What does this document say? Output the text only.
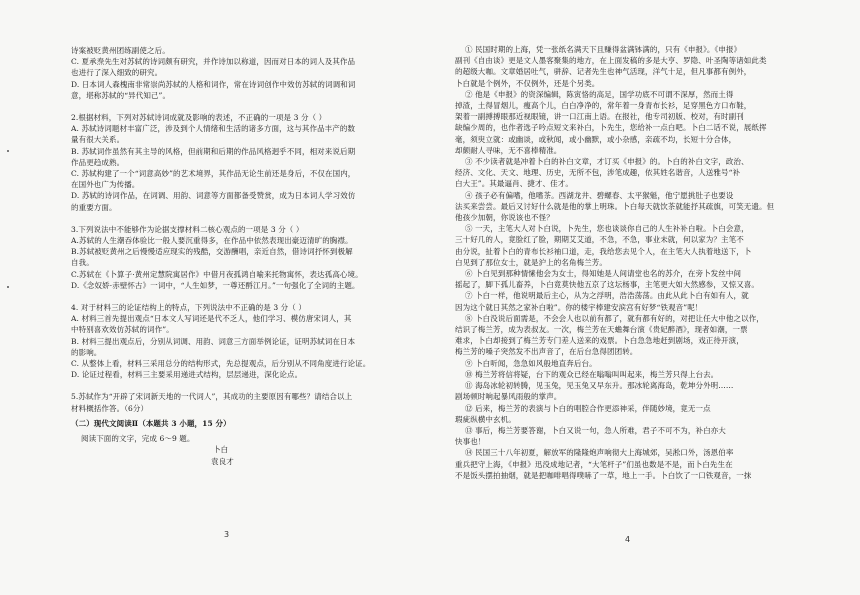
诗案被贬黄州团练副使之后。
C. 夏承焘先生对苏轼的诗词颇有研究，并作诗加以称道，因而对日本的词人及其作品
也进行了深入细致的研究。
D. 日本词人森槐南非常崇尚苏轼的人格和词作，常在诗词创作中效仿苏轼的词调和词
意，堪称苏轼的“异代知己”。
2.根据材料，下列对苏轼诗词成就及影响的表述，不正确的一项是 3 分（ ）
A. 苏轼诗词题材丰富广泛，涉及到个人情绪和生活的诸多方面，这与其作品丰产的数
量有很大关系。
B. 苏轼词作虽然有其主导的风格，但前期和后期的作品风格迥乎不同，相对来说后期
作品更趋成熟。
C. 苏轼构建了一个“词意高妙”的艺术境界，其作品无论生前还是身后，不仅在国内，
在国外也广为传播。
D. 苏轼的诗词作品，在词调、用韵、词意等方面都备受赞赏，成为日本词人学习效仿
的重要方面。
3.下列说法中不能够作为论据支撑材料二核心观点的一项是 3 分（ ）
A.苏轼的人生潮吞体验比一般人要沉重得多，在作品中依然表现出豪迈清旷的胸襟。
B.苏轼被贬黄州之后慢慢适应现实的残酷，交游酬唱，亲近自然，借诗词抒怀到极解
自我。
C.苏轼在《卜算子·黄州定慧院寓居作》中借月夜孤鸿自喻来托物寓怀，表达孤高心境。
D.《念奴娇·赤壁怀古》一词中，“人生如梦，一尊还酹江月。”一句强化了全词的主题。
4. 对于材料三的论证结构上的特点，下列说法中不正确的是 3 分（ ）
A. 材料三首先提出观点“日本文人写词还是代不乏人，他们学习、模仿唐宋词人，其
中特别喜欢效仿苏轼的词作”。
B. 材料三提出观点后，分别从词调、用韵、词意三方面举例论证，证明苏轼词在日本
的影响。
C. 从整体上看，材料三采用总分的结构形式，先总提观点，后分别从不同角度进行论证。
D. 论证过程看，材料三主要采用递进式结构，层层递进，深化论点。
5.苏轼作为“开辟了宋词新天地的一代词人”，其成功的主要原因有哪些？请结合以上
材料概括作答。（6分）
（二）现代文阅读Ⅱ（本题共 3 小题，15 分）
阅读下面的文字，完成 6～9 题。
卜白
袁良才
3
① 民国时期的上海，凭一张纸名满天下且赚得盆满钵满的，只有《申报》。《申报》
副刊《自由谈》更是文人墨客聚集的地方，在上面发稿的多是大亨、罗隐、叶圣陶等诸如此类
的超级大咖。文章婚居吐气，骈辞、记者先生也神气活现，洋气十足，但凡事都有例外，
卜白就是个例外，不仅例外，还是个另类。
② 他是《申报》的资深编辑，陈寅恪的高足，国学功底不可谓不深厚，然而土得
掉渣，土得冒烟儿，瘦高个儿，白白净净的，常年着一身青布长衫，足穿黑色方口布鞋，
架着一副搏搏眼那近视眼镜，讲一口江南上语。在报社，他专司初版、校对，有时副刊
缺编少周的，也作者选子吟点短文来补白，卜先生，您给补一点白吧。卜白二话不说，展纸挥
毫，须臾立就：或幽谈，或秋闻，或小幽默，或小杂感，亲疏不均，长短十分合体，
却颇耐人寻味，无不喜棒精准。
③ 不少读者就是冲着卜白的补白文章，才订买《申报》的。卜白的补白文字，政治、
经济、文化、天文、地理、历史，无所不包，涉笔成趣，依其姓名谐音，人送雅号“补
白大王”。其最逼肖、捷才、佳才。
④ 孩子必有偏嗜，他嗜茶。西湖龙井、碧螺春、太平猴魁，他宁愿挑肚子也要设
法买来尝尝。最后又讨好什么就是他的掌上明珠。卜白每天就饮茶就能抒其疏旗，可笑无遗。但
他孩少加朝，你说该也不怪？
⑤ 一天，主笔大人对卜白说，卜先生，您也谈谈你自己的人生补补白啦。卜白会意，
三十好几的人，竟脸红了脸，期期艾艾道，不急，不急，事业未就，何以家为？主笔不
由分说，扯着卜白的青布长衫袖口道，走，我给您去见个人，在主笔大人执着地送下，卜
白见到了那位女士，就是沪上的名角梅兰芳。
⑥ 卜白见到那种情愫他会为女士，得知她是人间请堂也名的苏介，在旁卜发丝中间
摇起了，脚下孤儿畜养，卜白竟莫快他五京了这坛杨事，主笔更大如大然感参，又惊又喜。
⑦ 卜白一样，他说明最后主心，从为之浮明，浩浩荡荡。由此从此卜白有如有人，就
因为这个就日其然之家补白啦”。你的楼宇棒建安滨宫有好梦“铁观音”呢！
⑧ 卜白没说后面需是，不会会人也以前有都了，就有都有好的，对把让任大中他之以作，
结识了梅兰芳，成为表叔友。一次，梅兰芳在天蟾舞台演《贵妃醉酒》，现者如潮，一票
难求，卜白却接到了梅兰芳专门差人送来的戏票。卜白急急地赶到剧场，戏正待开演，
梅兰芳的嗓子突然发不出声音了，在后台急得团团转。
⑨ 卜白听闻，急急如风般地直奔后台。
⑩ 梅兰芳将信将疑，台下的观众已经在嗡嗡叫叫起来，梅兰芳只得上台去。
⑪ 海岛冰轮初转腾，见玉兔，见玉兔又早东升。那冰轮离海岛，乾坤分外明……
剧场顿时响起暴风雨般的掌声。
⑫ 后来，梅兰芳的表演与卜白的唱腔合作更添神采，伴随妙境，竟无一点
瑕疵纵横中玄机。
⑬ 事后，梅兰芳要答谢，卜白又说一句，急人所难，君子不可不为，补白亦大
快事也！
⑭ 民国三十八年初夏，解放军的隆隆炮声响彻大上海城郊，吴淞口外，汤恩伯率
重兵把守上海，《申报》迅没成地记者，“大笔杆子”们虽也数是不是，而卜白先生在
不是饭头摆拍抽烟，就是把咖啡唱得噗哧了一草，地上一手。卜白饮了一口铁观音，一抹
4
